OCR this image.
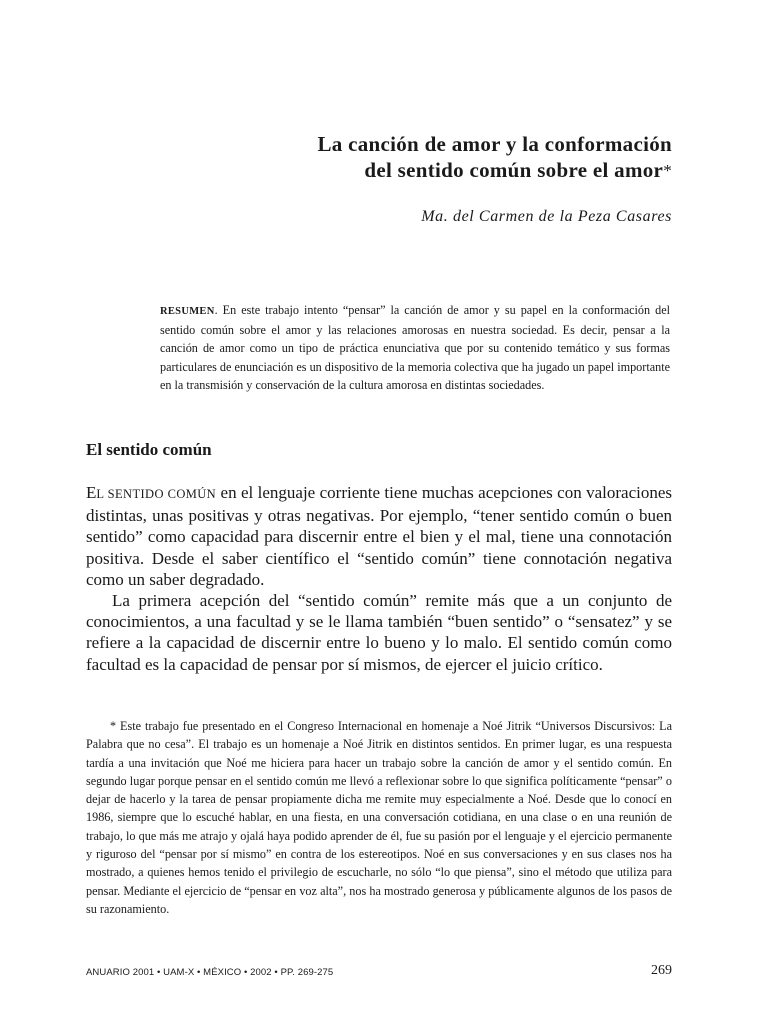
La canción de amor y la conformación
del sentido común sobre el amor*
Ma. del Carmen de la Peza Casares
RESUMEN. En este trabajo intento “pensar” la canción de amor y su papel en la conformación del sentido común sobre el amor y las relaciones amorosas en nuestra sociedad. Es decir, pensar a la canción de amor como un tipo de práctica enunciativa que por su contenido temático y sus formas particulares de enunciación es un dispositivo de la memoria colectiva que ha jugado un papel importante en la transmisión y conservación de la cultura amorosa en distintas sociedades.
El sentido común

EL SENTIDO COMÚN en el lenguaje corriente tiene muchas acepciones con valoraciones distintas, unas positivas y otras negativas. Por ejemplo, “tener sentido común o buen sentido” como capacidad para discernir entre el bien y el mal, tiene una connotación positiva. Desde el saber científico el “sentido común” tiene connotación negativa como un saber degradado.

La primera acepción del “sentido común” remite más que a un conjunto de conocimientos, a una facultad y se le llama también “buen sentido” o “sensatez” y se refiere a la capacidad de discernir entre lo bueno y lo malo. El sentido común como facultad es la capacidad de pensar por sí mismos, de ejercer el juicio crítico.

* Este trabajo fue presentado en el Congreso Internacional en homenaje a Noé Jitrik “Universos Discursivos: La Palabra que no cesa”. El trabajo es un homenaje a Noé Jitrik en distintos sentidos. En primer lugar, es una respuesta tardía a una invitación que Noé me hiciera para hacer un trabajo sobre la canción de amor y el sentido común. En segundo lugar porque pensar en el sentido común me llevó a reflexionar sobre lo que significa políticamente “pensar” o dejar de hacerlo y la tarea de pensar propiamente dicha me remite muy especialmente a Noé. Desde que lo conocí en 1986, siempre que lo escuché hablar, en una fiesta, en una conversación cotidiana, en una clase o en una reunión de trabajo, lo que más me atrajo y ojalá haya podido aprender de él, fue su pasión por el lenguaje y el ejercicio permanente y riguroso del “pensar por sí mismo” en contra de los estereotipos. Noé en sus conversaciones y en sus clases nos ha mostrado, a quienes hemos tenido el privilegio de escucharle, no sólo “lo que piensa”, sino el método que utiliza para pensar. Mediante el ejercicio de “pensar en voz alta”, nos ha mostrado generosa y públicamente algunos de los pasos de su razonamiento.

ANUARIO 2001 • UAM-X • MÉXICO • 2002 • PP. 269-275	269
